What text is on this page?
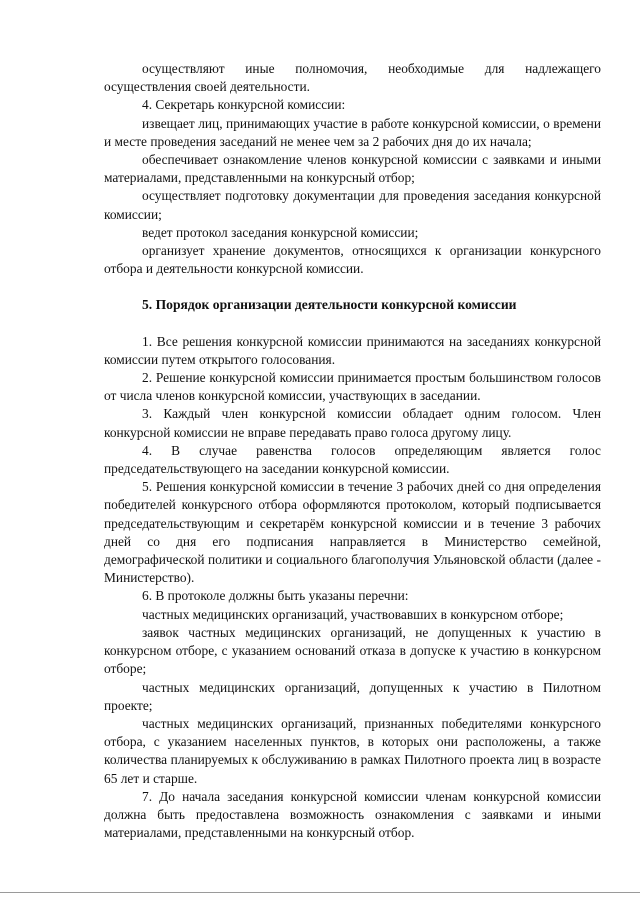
осуществляют иные полномочия, необходимые для надлежащего осуществления своей деятельности.

4. Секретарь конкурсной комиссии:

извещает лиц, принимающих участие в работе конкурсной комиссии, о времени и месте проведения заседаний не менее чем за 2 рабочих дня до их начала;

обеспечивает ознакомление членов конкурсной комиссии с заявками и иными материалами, представленными на конкурсный отбор;

осуществляет подготовку документации для проведения заседания конкурсной комиссии;

ведет протокол заседания конкурсной комиссии;

организует хранение документов, относящихся к организации конкурсного отбора и деятельности конкурсной комиссии.

5. Порядок организации деятельности конкурсной комиссии

1. Все решения конкурсной комиссии принимаются на заседаниях конкурсной комиссии путем открытого голосования.

2. Решение конкурсной комиссии принимается простым большинством голосов от числа членов конкурсной комиссии, участвующих в заседании.

3. Каждый член конкурсной комиссии обладает одним голосом. Член конкурсной комиссии не вправе передавать право голоса другому лицу.

4. В случае равенства голосов определяющим является голос председательствующего на заседании конкурсной комиссии.

5. Решения конкурсной комиссии в течение 3 рабочих дней со дня определения победителей конкурсного отбора оформляются протоколом, который подписывается председательствующим и секретарём конкурсной комиссии и в течение 3 рабочих дней со дня его подписания направляется в Министерство семейной, демографической политики и социального благополучия Ульяновской области (далее - Министерство).

6. В протоколе должны быть указаны перечни:

частных медицинских организаций, участвовавших в конкурсном отборе;

заявок частных медицинских организаций, не допущенных к участию в конкурсном отборе, с указанием оснований отказа в допуске к участию в конкурсном отборе;

частных медицинских организаций, допущенных к участию в Пилотном проекте;

частных медицинских организаций, признанных победителями конкурсного отбора, с указанием населенных пунктов, в которых они расположены, а также количества планируемых к обслуживанию в рамках Пилотного проекта лиц в возрасте 65 лет и старше.

7. До начала заседания конкурсной комиссии членам конкурсной комиссии должна быть предоставлена возможность ознакомления с заявками и иными материалами, представленными на конкурсный отбор.
